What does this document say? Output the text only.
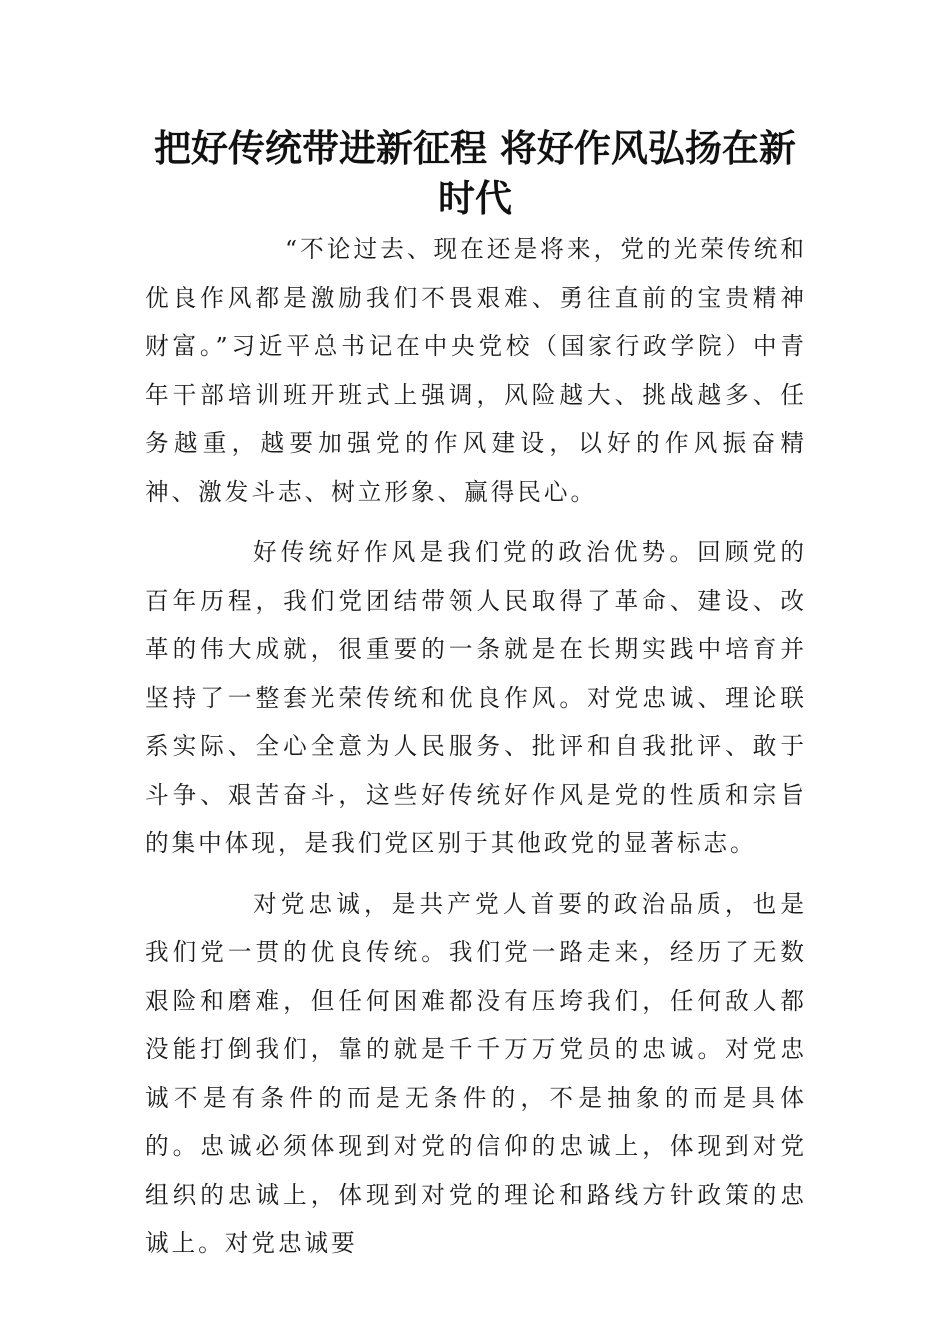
把好传统带进新征程 将好作风弘扬在新时代

“不论过去、现在还是将来，党的光荣传统和优良作风都是激励我们不畏艰难、勇往直前的宝贵精神财富。”习近平总书记在中央党校（国家行政学院）中青年干部培训班开班式上强调，风险越大、挑战越多、任务越重，越要加强党的作风建设，以好的作风振奋精神、激发斗志、树立形象、赢得民心。

好传统好作风是我们党的政治优势。回顾党的百年历程，我们党团结带领人民取得了革命、建设、改革的伟大成就，很重要的一条就是在长期实践中培育并坚持了一整套光荣传统和优良作风。对党忠诚、理论联系实际、全心全意为人民服务、批评和自我批评、敢于斗争、艰苦奋斗，这些好传统好作风是党的性质和宗旨的集中体现，是我们党区别于其他政党的显著标志。

对党忠诚，是共产党人首要的政治品质，也是我们党一贯的优良传统。我们党一路走来，经历了无数艰险和磨难，但任何困难都没有压垮我们，任何敌人都没能打倒我们，靠的就是千千万万党员的忠诚。对党忠诚不是有条件的而是无条件的，不是抽象的而是具体的。忠诚必须体现到对党的信仰的忠诚上，体现到对党组织的忠诚上，体现到对党的理论和路线方针政策的忠诚上。对党忠诚要
